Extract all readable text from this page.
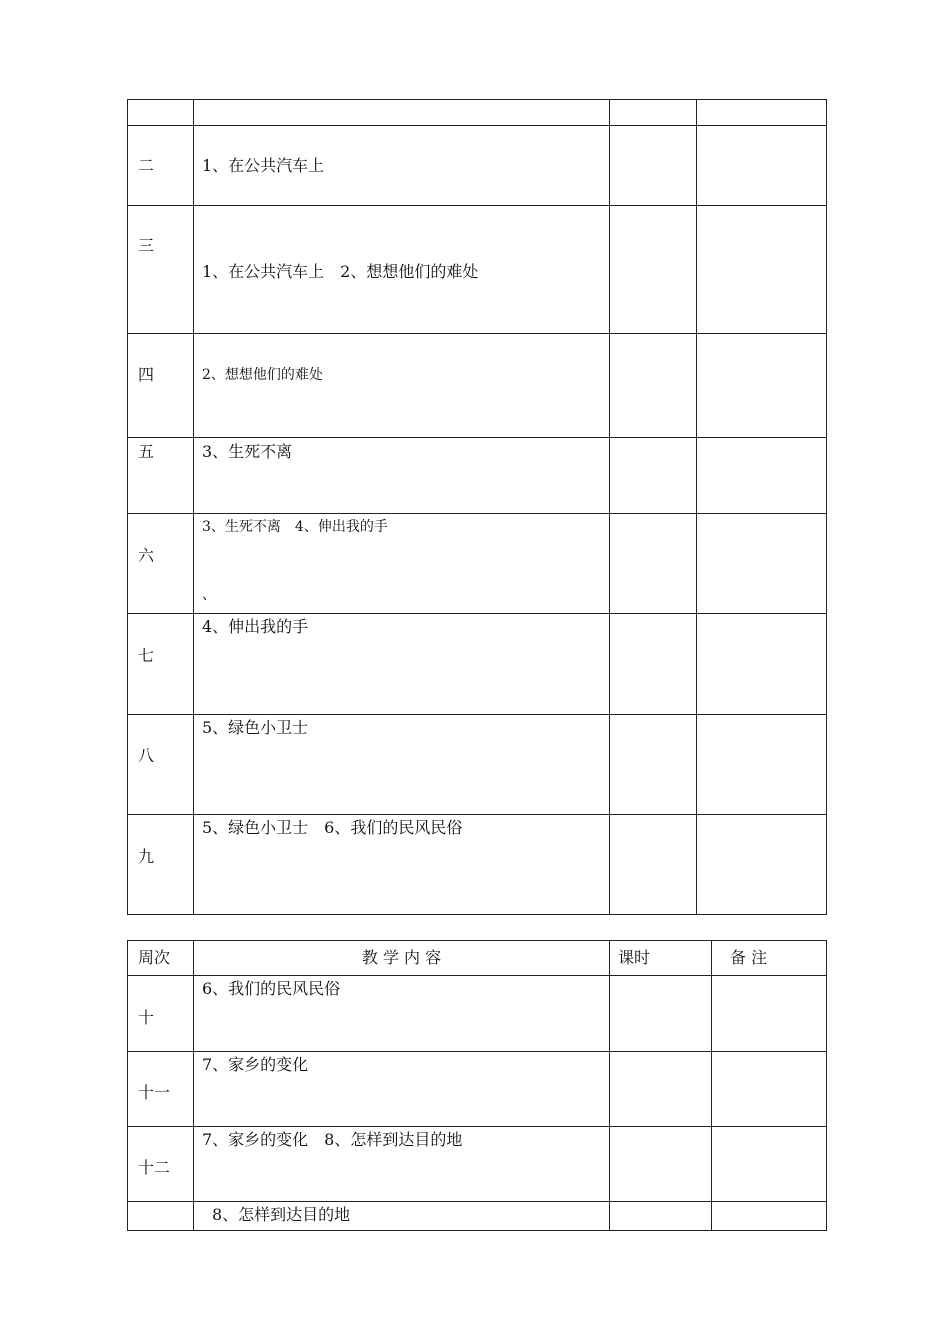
二	1、在公共汽车上		

三	1、在公共汽车上　2、想想他们的难处		

四	2、想想他们的难处		

五	3、生死不离		

六	3、生死不离　4、伸出我的手
、		

七	4、伸出我的手		

八	5、绿色小卫士		

九	5、绿色小卫士　6、我们的民风民俗		

周次	教 学 内 容	课时	备 注

十	6、我们的民风民俗		

十一	7、家乡的变化		

十二	7、家乡的变化　8、怎样到达目的地		

	8、怎样到达目的地		
